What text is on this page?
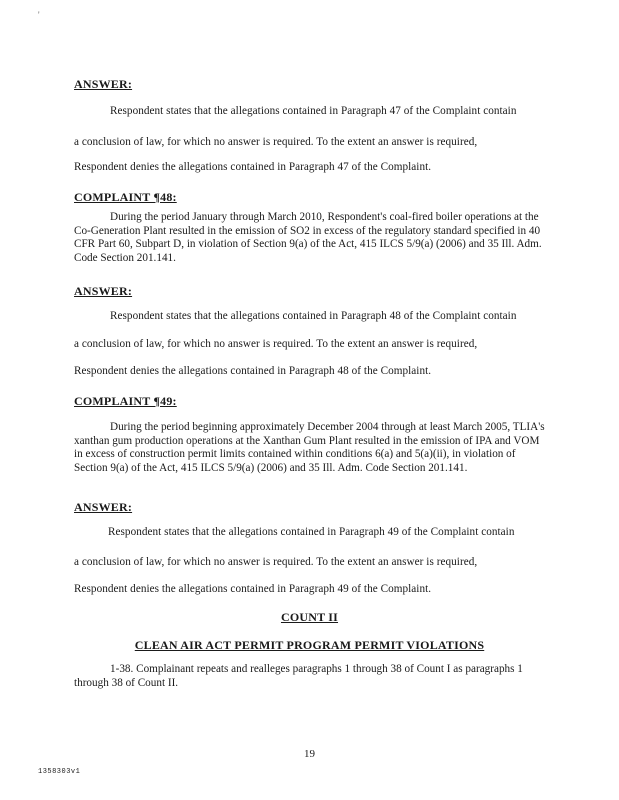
'
ANSWER:
Respondent states that the allegations contained in Paragraph 47 of the Complaint contain
a conclusion of law, for which no answer is required. To the extent an answer is required,
Respondent denies the allegations contained in Paragraph 47 of the Complaint.
COMPLAINT ¶48:
During the period January through March 2010, Respondent's coal-fired boiler operations at the Co-Generation Plant resulted in the emission of SO2 in excess of the regulatory standard specified in 40 CFR Part 60, Subpart D, in violation of Section 9(a) of the Act, 415 ILCS 5/9(a) (2006) and 35 Ill. Adm. Code Section 201.141.
ANSWER:
Respondent states that the allegations contained in Paragraph 48 of the Complaint contain
a conclusion of law, for which no answer is required. To the extent an answer is required,
Respondent denies the allegations contained in Paragraph 48 of the Complaint.
COMPLAINT ¶49:
During the period beginning approximately December 2004 through at least March 2005, TLIA's xanthan gum production operations at the Xanthan Gum Plant resulted in the emission of IPA and VOM in excess of construction permit limits contained within conditions 6(a) and 5(a)(ii), in violation of Section 9(a) of the Act, 415 ILCS 5/9(a) (2006) and 35 Ill. Adm. Code Section 201.141.
ANSWER:
Respondent states that the allegations contained in Paragraph 49 of the Complaint contain
a conclusion of law, for which no answer is required. To the extent an answer is required,
Respondent denies the allegations contained in Paragraph 49 of the Complaint.
COUNT II
CLEAN AIR ACT PERMIT PROGRAM PERMIT VIOLATIONS
1-38. Complainant repeats and realleges paragraphs 1 through 38 of Count I as paragraphs 1 through 38 of Count II.
19
1358303v1
